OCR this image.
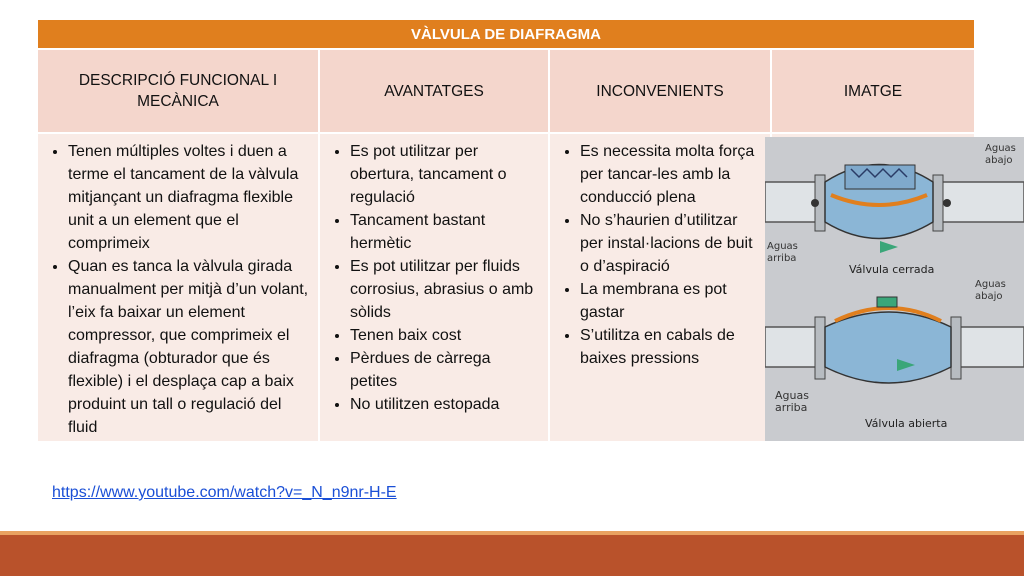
VÀLVULA DE DIAFRAGMA
DESCRIPCIÓ FUNCIONAL I MECÀNICA
AVANTATGES	INCONVENIENTS	IMATGE
• Tenen múltiples voltes i duen a terme el tancament de la vàlvula mitjançant un diafragma flexible unit a un element que el comprimeix
• Quan es tanca la vàlvula girada manualment per mitjà d’un volant, l’eix fa baixar un element compressor, que comprimeix el diafragma (obturador que és flexible) i el desplaça cap a baix produint un tall o regulació del fluid
• Es pot utilitzar per obertura, tancament o regulació
• Tancament bastant hermètic
• Es pot utilitzar per fluids corrosius, abrasius o amb sòlids
• Tenen baix cost
• Pèrdues de càrrega petites
• No utilitzen estopada
• Es necessita molta força per tancar-les amb la conducció plena
• No s’haurien d’utilitzar per instal·lacions de buit o d’aspiració
• La membrana es pot gastar
• S’utilitza en cabals de baixes pressions
Aguas abajo
Aguas arriba
Válvula cerrada
Aguas abajo
Aguas arriba
Válvula abierta
https://www.youtube.com/watch?v=_N_n9nr-H-E
